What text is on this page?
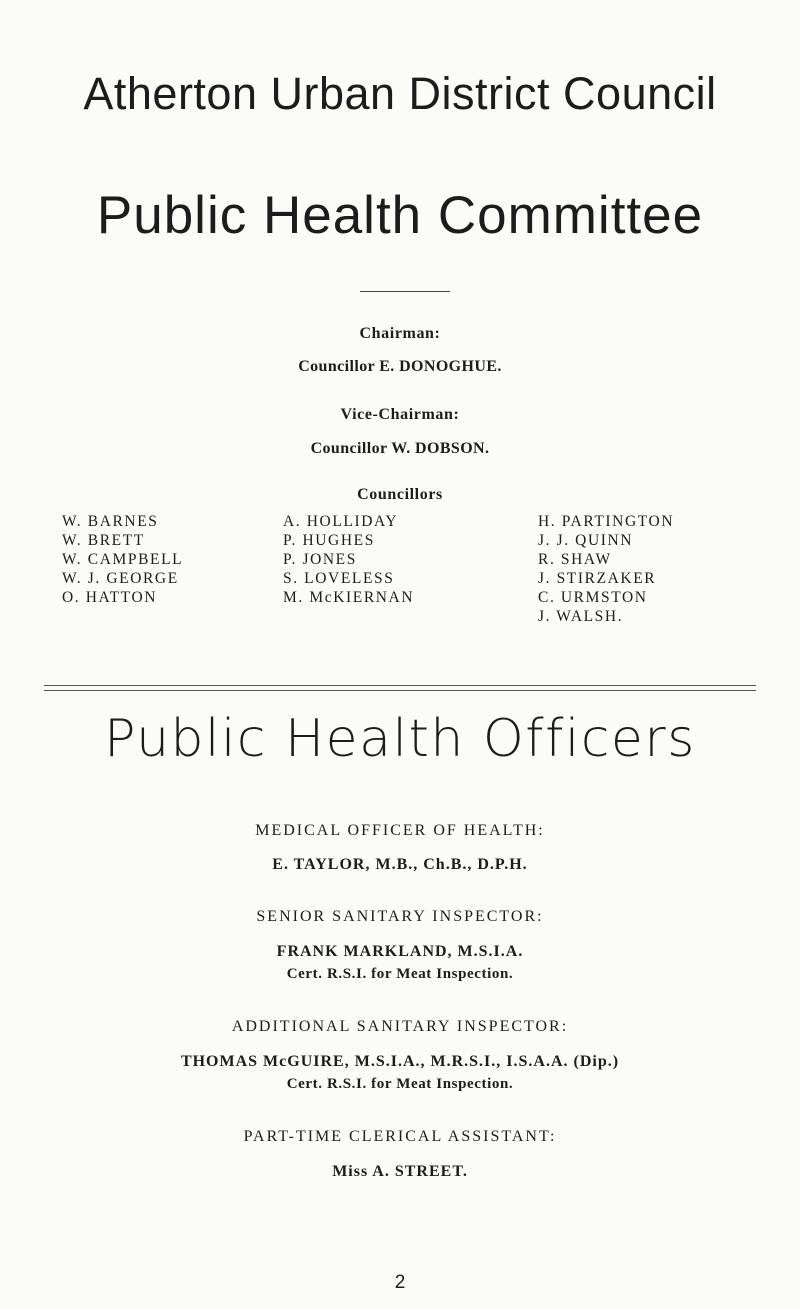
Atherton Urban District Council
Public Health Committee
Chairman:
Councillor E. DONOGHUE.
Vice-Chairman:
Councillor W. DOBSON.
Councillors
W. BARNES
W. BRETT
W. CAMPBELL
W. J. GEORGE
O. HATTON
A. HOLLIDAY
P. HUGHES
P. JONES
S. LOVELESS
M. McKIERNAN
H. PARTINGTON
J. J. QUINN
R. SHAW
J. STIRZAKER
C. URMSTON
J. WALSH.
Public Health Officers
MEDICAL OFFICER OF HEALTH:
E. TAYLOR, M.B., Ch.B., D.P.H.
SENIOR SANITARY INSPECTOR:
FRANK MARKLAND, M.S.I.A.
Cert. R.S.I. for Meat Inspection.
ADDITIONAL SANITARY INSPECTOR:
THOMAS McGUIRE, M.S.I.A., M.R.S.I., I.S.A.A. (Dip.)
Cert. R.S.I. for Meat Inspection.
PART-TIME CLERICAL ASSISTANT:
Miss A. STREET.
2
